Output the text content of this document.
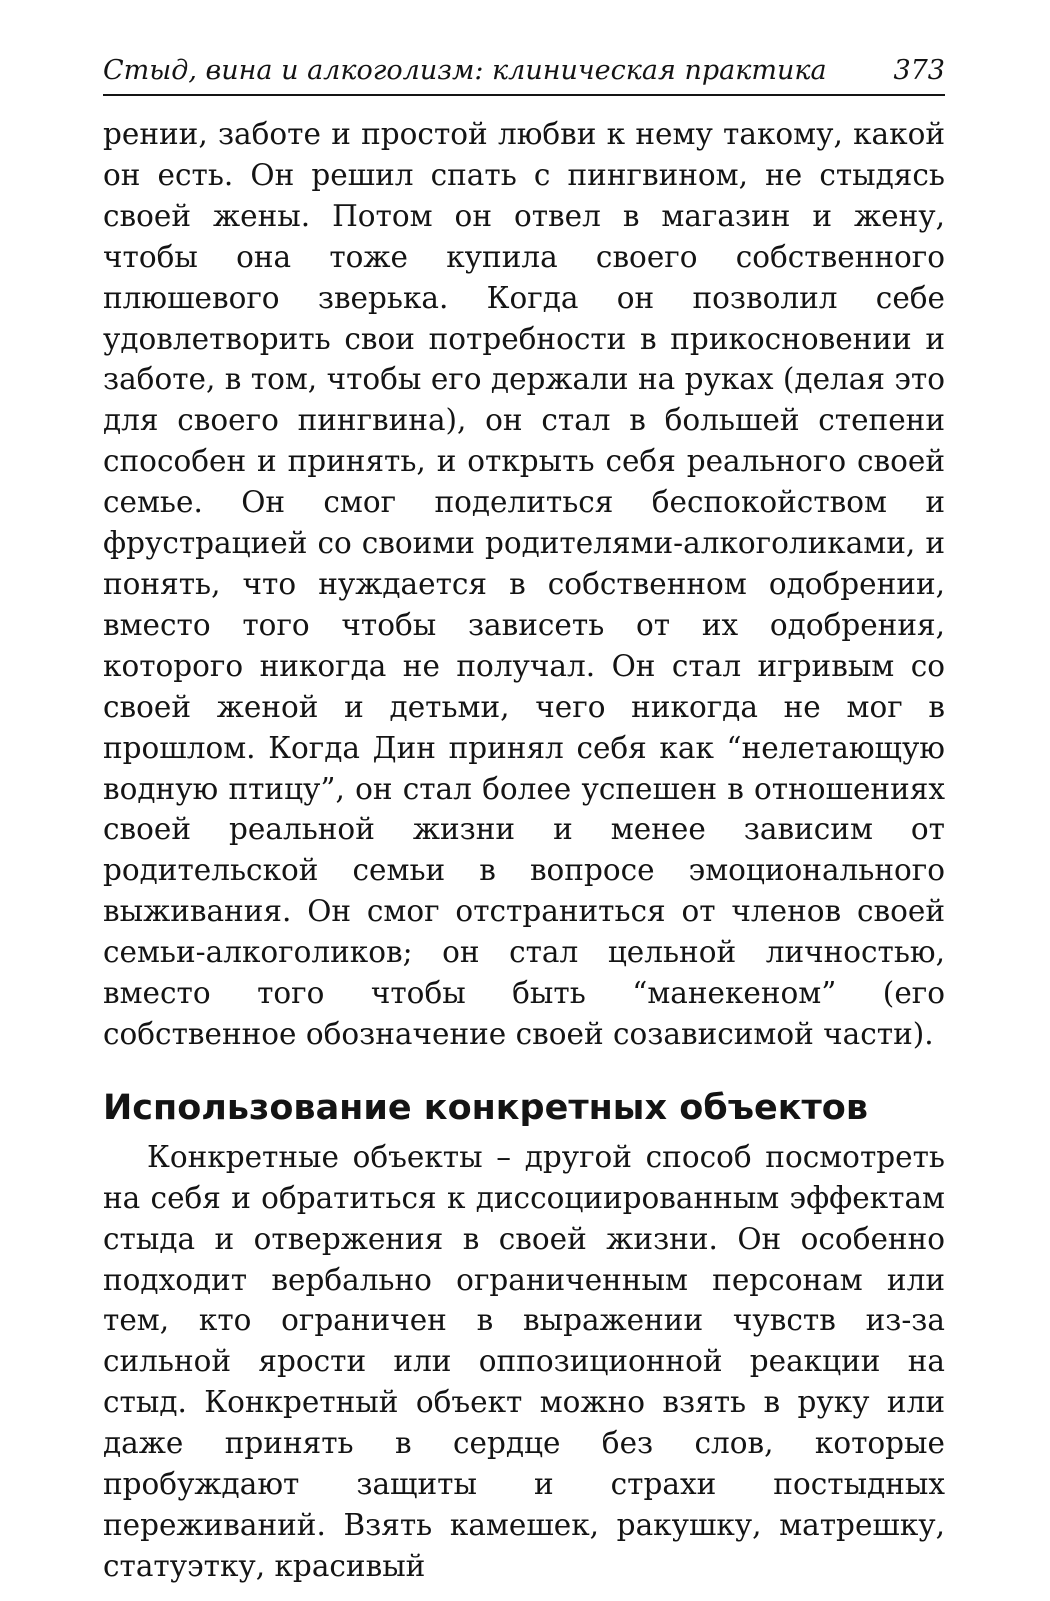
Стыд, вина и алкоголизм: клиническая практика 373

рении, заботе и простой любви к нему такому, какой он есть. Он решил спать с пингвином, не стыдясь своей жены. Потом он отвел в магазин и жену, чтобы она тоже купила своего собственного плюшевого зверька. Когда он позволил себе удовлетворить свои потребности в прикосновении и заботе, в том, чтобы его держали на руках (делая это для своего пингвина), он стал в большей степени способен и принять, и открыть себя реального своей семье. Он смог поделиться беспокойством и фрустрацией со своими родителями-алкоголиками, и понять, что нуждается в собственном одобрении, вместо того чтобы зависеть от их одобрения, которого никогда не получал. Он стал игривым со своей женой и детьми, чего никогда не мог в прошлом. Когда Дин принял себя как “нелетающую водную птицу”, он стал более успешен в отношениях своей реальной жизни и менее зависим от родительской семьи в вопросе эмоционального выживания. Он смог отстраниться от членов своей семьи-алкоголиков; он стал цельной личностью, вместо того чтобы быть “манекеном” (его собственное обозначение своей созависимой части).

Использование конкретных объектов

Конкретные объекты – другой способ посмотреть на себя и обратиться к диссоциированным эффектам стыда и отвержения в своей жизни. Он особенно подходит вербально ограниченным персонам или тем, кто ограничен в выражении чувств из-за сильной ярости или оппозиционной реакции на стыд. Конкретный объект можно взять в руку или даже принять в сердце без слов, которые пробуждают защиты и страхи постыдных переживаний. Взять камешек, ракушку, матрешку, статуэтку, красивый
